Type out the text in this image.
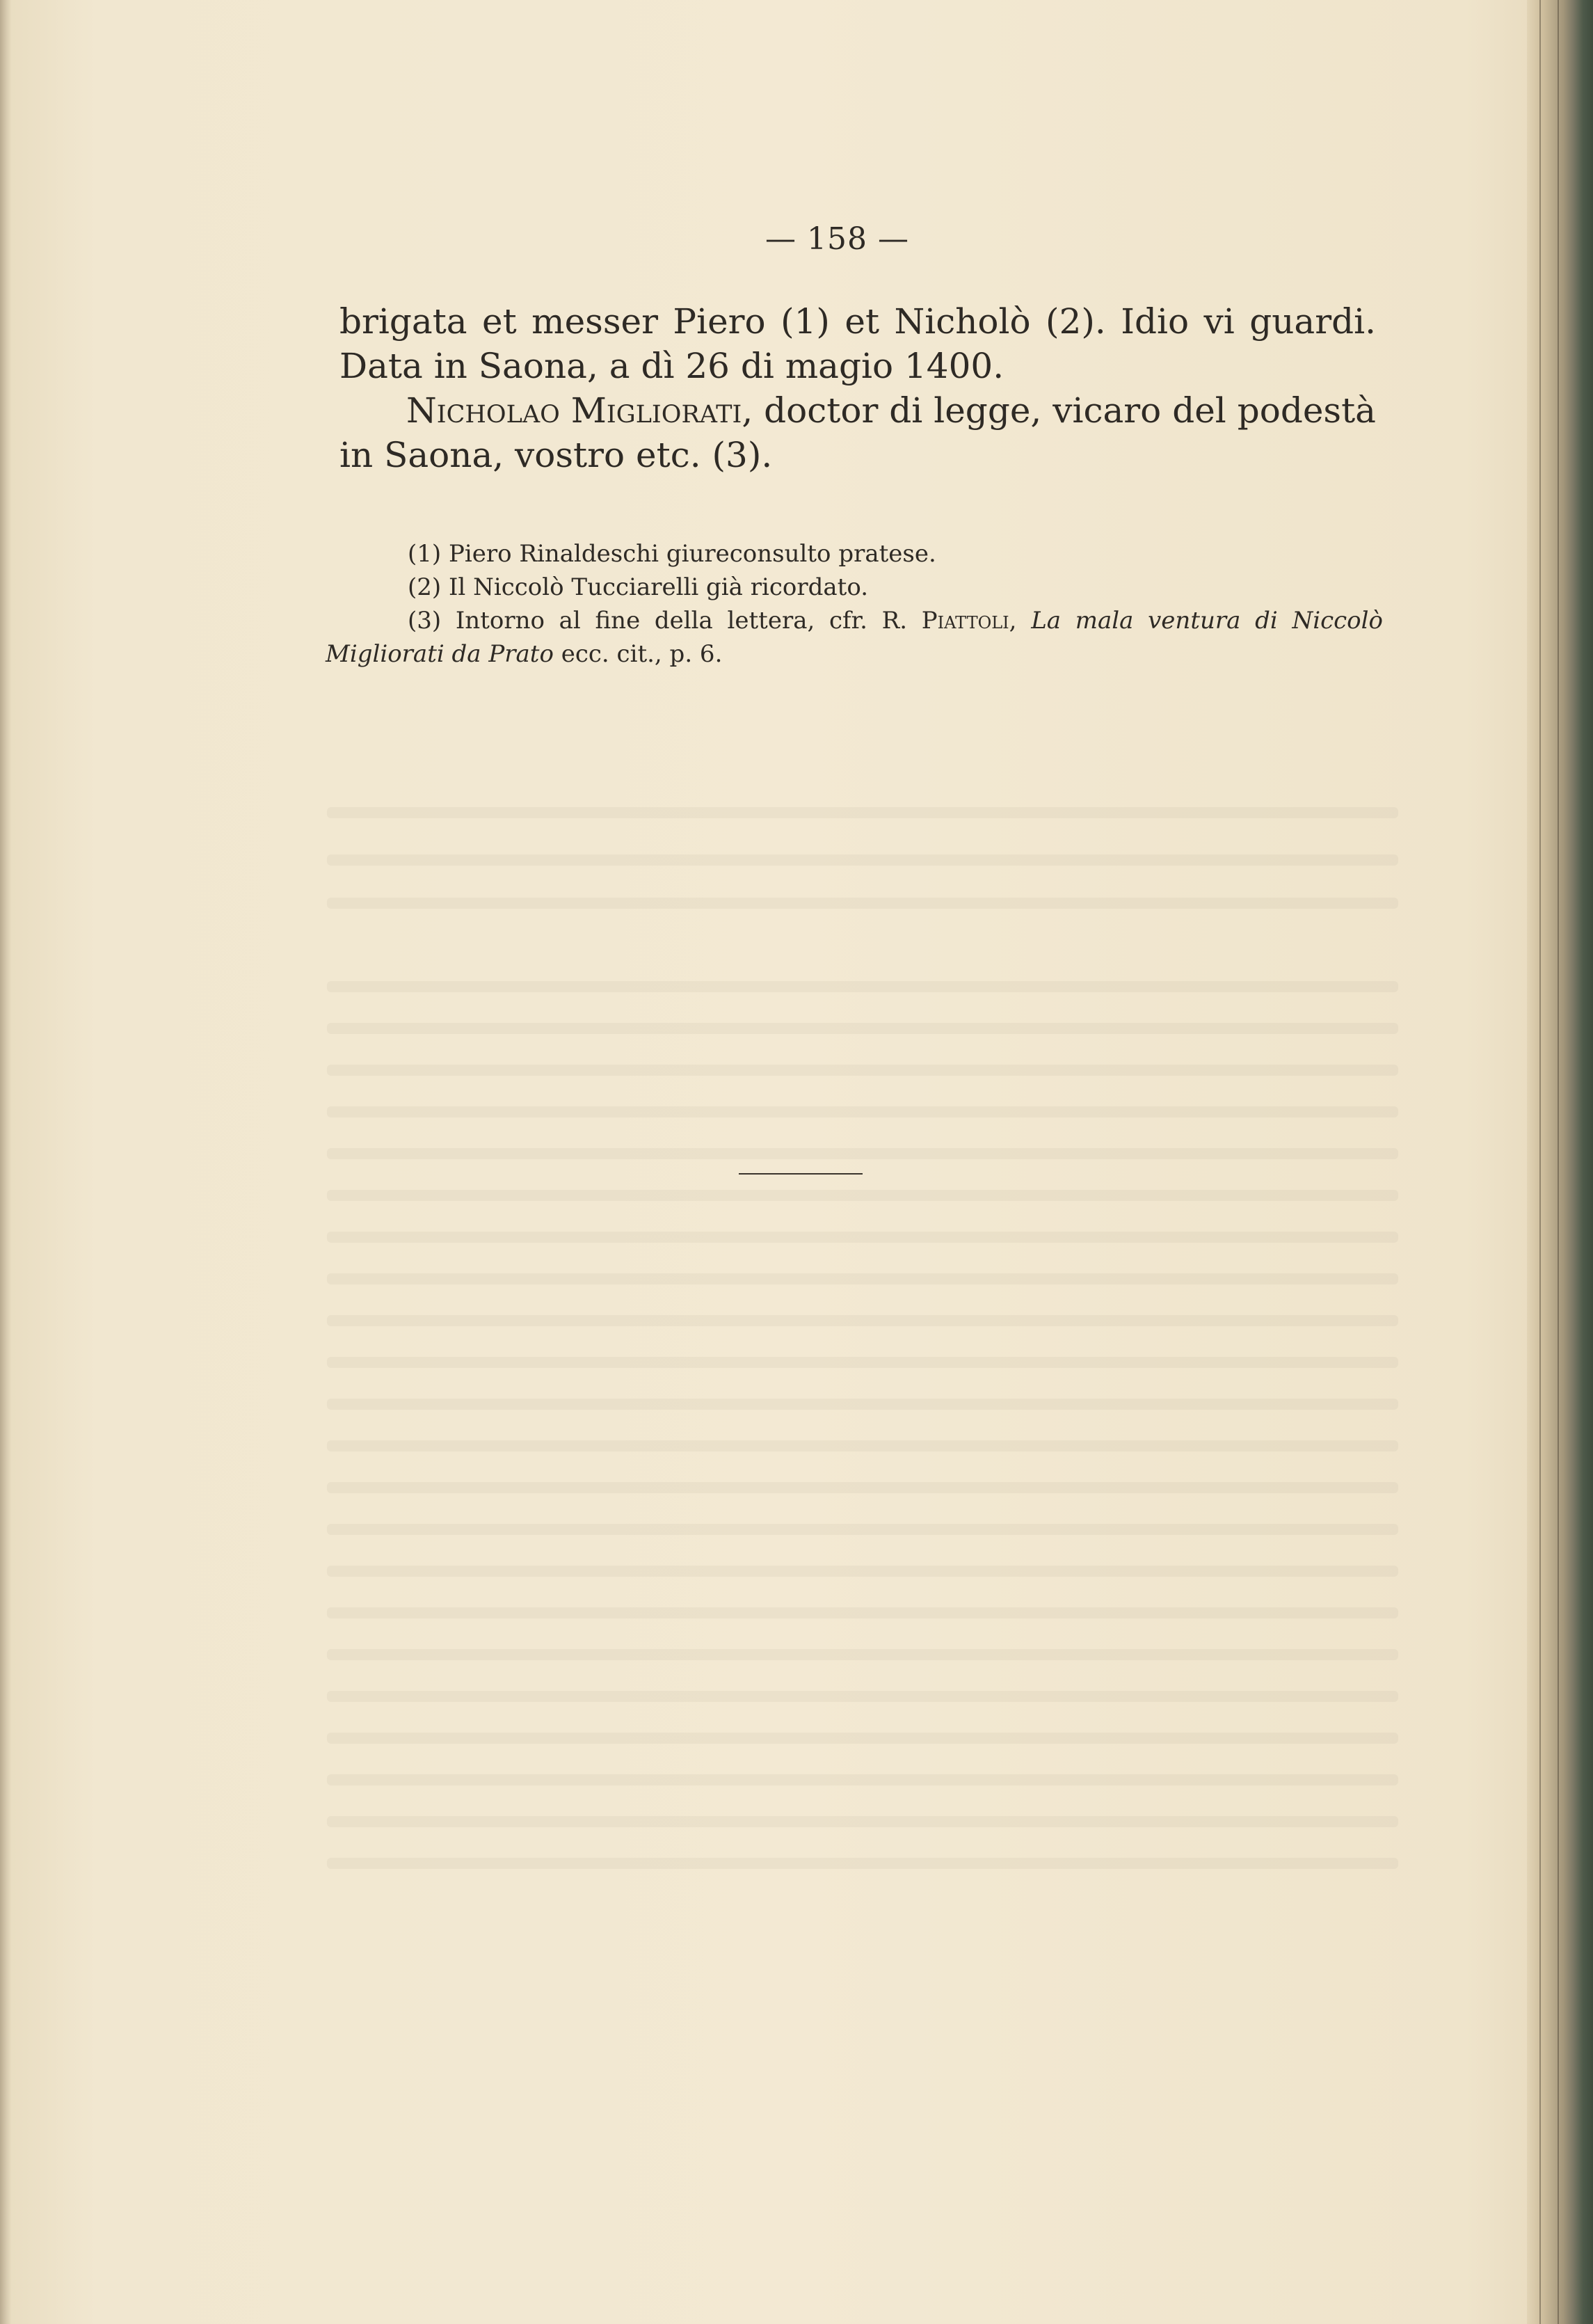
— 158 —

brigata et messer Piero (1) et Nicholò (2). Idio vi guardi. Data in Saona, a dì 26 di magio 1400.

Nicholao Migliorati, doctor di legge, vicaro del podestà in Saona, vostro etc. (3).

(1) Piero Rinaldeschi giureconsulto pratese.

(2) Il Niccolò Tucciarelli già ricordato.

(3) Intorno al fine della lettera, cfr. R. Piattoli, La mala ventura di Niccolò Migliorati da Prato ecc. cit., p. 6.
